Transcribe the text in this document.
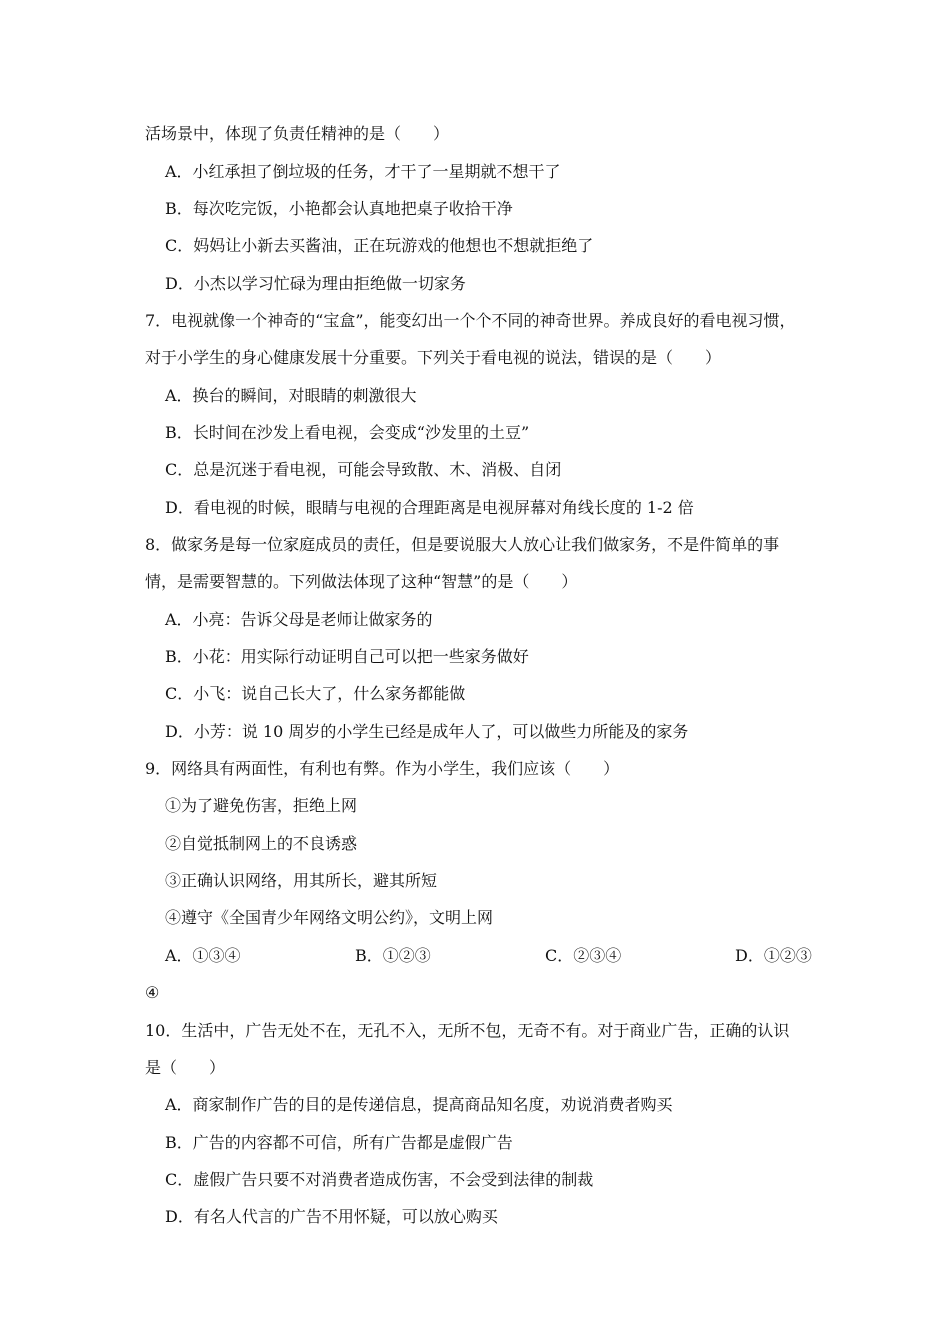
活场景中，体现了负责任精神的是（　　）
A．小红承担了倒垃圾的任务，才干了一星期就不想干了
B．每次吃完饭，小艳都会认真地把桌子收拾干净
C．妈妈让小新去买酱油，正在玩游戏的他想也不想就拒绝了
D．小杰以学习忙碌为理由拒绝做一切家务
7．电视就像一个神奇的“宝盒”，能变幻出一个个不同的神奇世界。养成良好的看电视习惯，
对于小学生的身心健康发展十分重要。下列关于看电视的说法，错误的是（　　）
A．换台的瞬间，对眼睛的刺激很大
B．长时间在沙发上看电视，会变成“沙发里的土豆”
C．总是沉迷于看电视，可能会导致散、木、消极、自闭
D．看电视的时候，眼睛与电视的合理距离是电视屏幕对角线长度的 1-2 倍
8．做家务是每一位家庭成员的责任，但是要说服大人放心让我们做家务，不是件简单的事
情，是需要智慧的。下列做法体现了这种“智慧”的是（　　）
A．小亮：告诉父母是老师让做家务的
B．小花：用实际行动证明自己可以把一些家务做好
C．小飞：说自己长大了，什么家务都能做
D．小芳：说 10 周岁的小学生已经是成年人了，可以做些力所能及的家务
9．网络具有两面性，有利也有弊。作为小学生，我们应该（　　）
①为了避免伤害，拒绝上网
②自觉抵制网上的不良诱惑
③正确认识网络，用其所长，避其所短
④遵守《全国青少年网络文明公约》，文明上网
A．①③④	B．①②③	C．②③④	D．①②③
④
10．生活中，广告无处不在，无孔不入，无所不包，无奇不有。对于商业广告，正确的认识
是（　　）
A．商家制作广告的目的是传递信息，提高商品知名度，劝说消费者购买
B．广告的内容都不可信，所有广告都是虚假广告
C．虚假广告只要不对消费者造成伤害，不会受到法律的制裁
D．有名人代言的广告不用怀疑，可以放心购买
